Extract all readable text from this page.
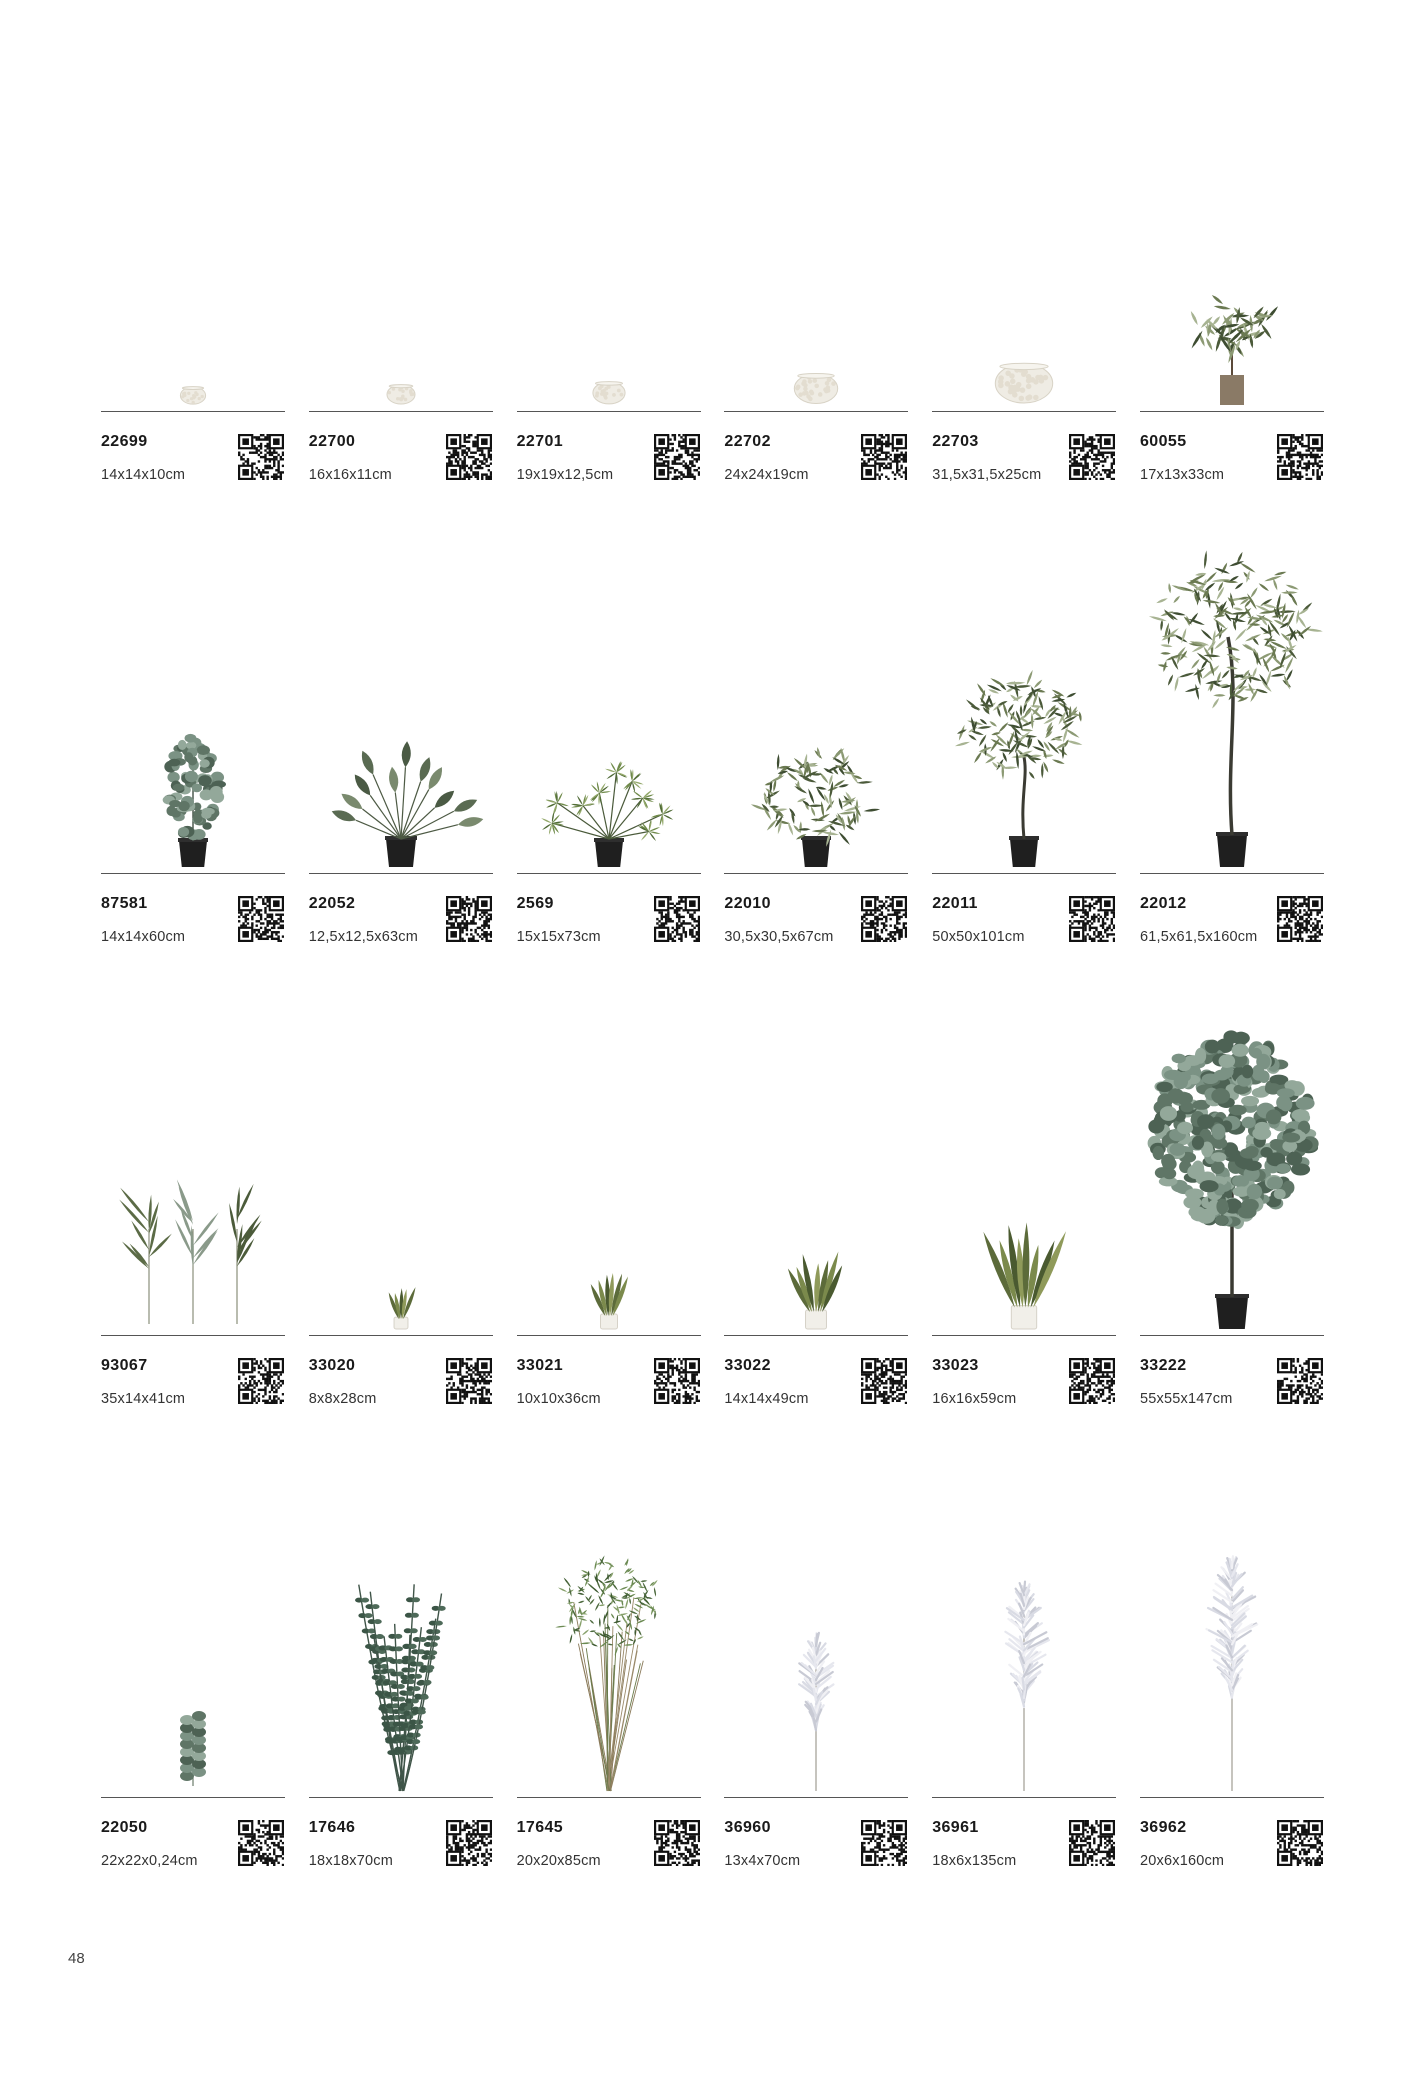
22699
14x14x10cm
22700
16x16x11cm
22701
19x19x12,5cm
22702
24x24x19cm
22703
31,5x31,5x25cm
60055
17x13x33cm
87581
14x14x60cm
22052
12,5x12,5x63cm
2569
15x15x73cm
22010
30,5x30,5x67cm
22011
50x50x101cm
22012
61,5x61,5x160cm
93067
35x14x41cm
33020
8x8x28cm
33021
10x10x36cm
33022
14x14x49cm
33023
16x16x59cm
33222
55x55x147cm
22050
22x22x0,24cm
17646
18x18x70cm
17645
20x20x85cm
36960
13x4x70cm
36961
18x6x135cm
36962
20x6x160cm
48
